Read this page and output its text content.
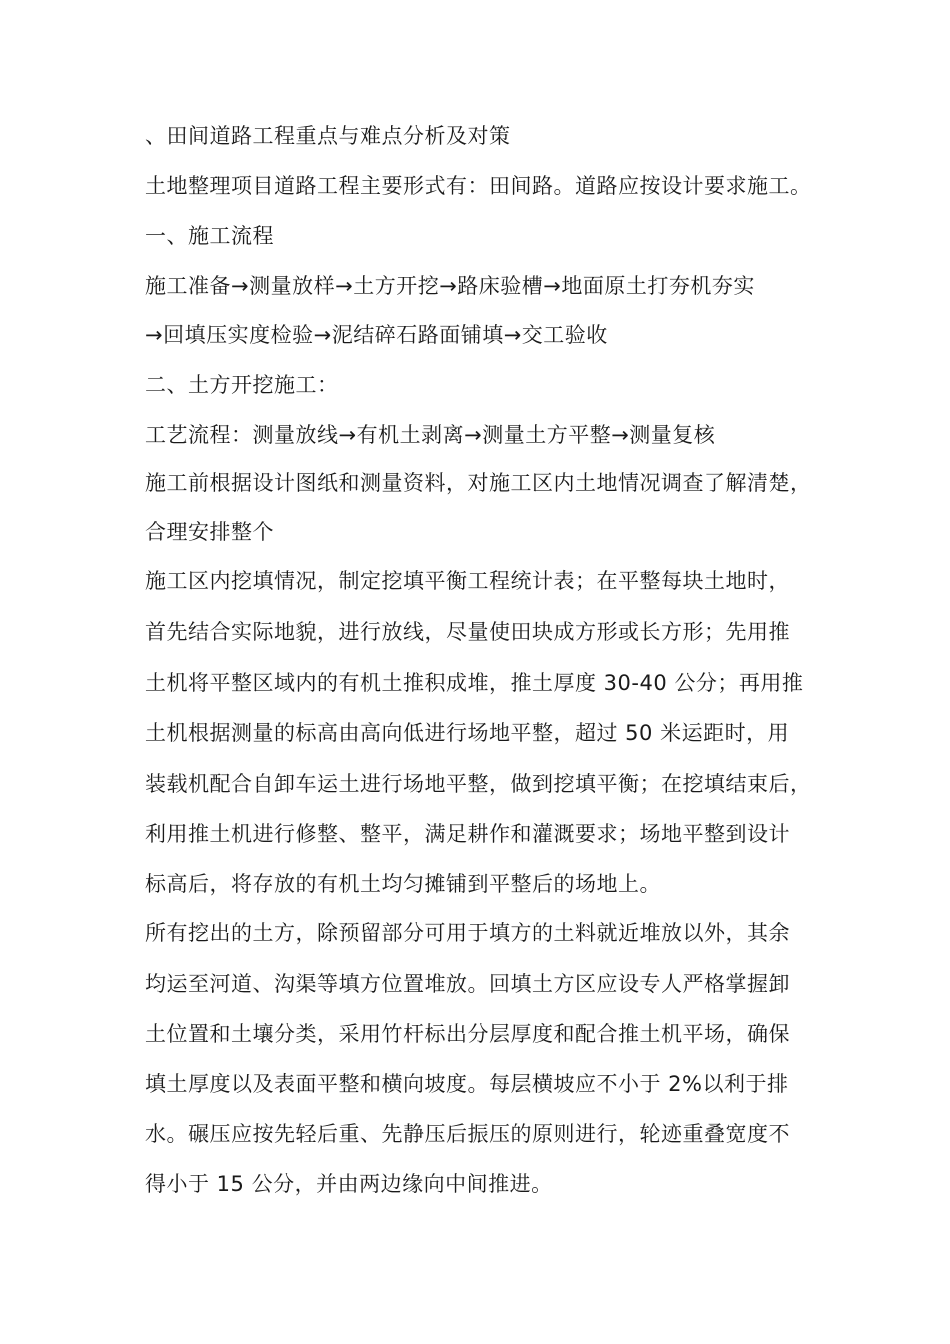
、田间道路工程重点与难点分析及对策
土地整理项目道路工程主要形式有：田间路。道路应按设计要求施工。
一、施工流程
施工准备→测量放样→土方开挖→路床验槽→地面原土打夯机夯实
→回填压实度检验→泥结碎石路面铺填→交工验收
二、土方开挖施工：
工艺流程：测量放线→有机土剥离→测量土方平整→测量复核
施工前根据设计图纸和测量资料，对施工区内土地情况调查了解清楚，
合理安排整个
施工区内挖填情况，制定挖填平衡工程统计表；在平整每块土地时，
首先结合实际地貌，进行放线，尽量使田块成方形或长方形；先用推
土机将平整区域内的有机土推积成堆，推土厚度 30-40 公分；再用推
土机根据测量的标高由高向低进行场地平整，超过 50 米运距时，用
装载机配合自卸车运土进行场地平整，做到挖填平衡；在挖填结束后，
利用推土机进行修整、整平，满足耕作和灌溉要求；场地平整到设计
标高后，将存放的有机土均匀摊铺到平整后的场地上。
所有挖出的土方，除预留部分可用于填方的土料就近堆放以外，其余
均运至河道、沟渠等填方位置堆放。回填土方区应设专人严格掌握卸
土位置和土壤分类，采用竹杆标出分层厚度和配合推土机平场，确保
填土厚度以及表面平整和横向坡度。每层横坡应不小于 2%以利于排
水。碾压应按先轻后重、先静压后振压的原则进行，轮迹重叠宽度不
得小于 15 公分，并由两边缘向中间推进。
